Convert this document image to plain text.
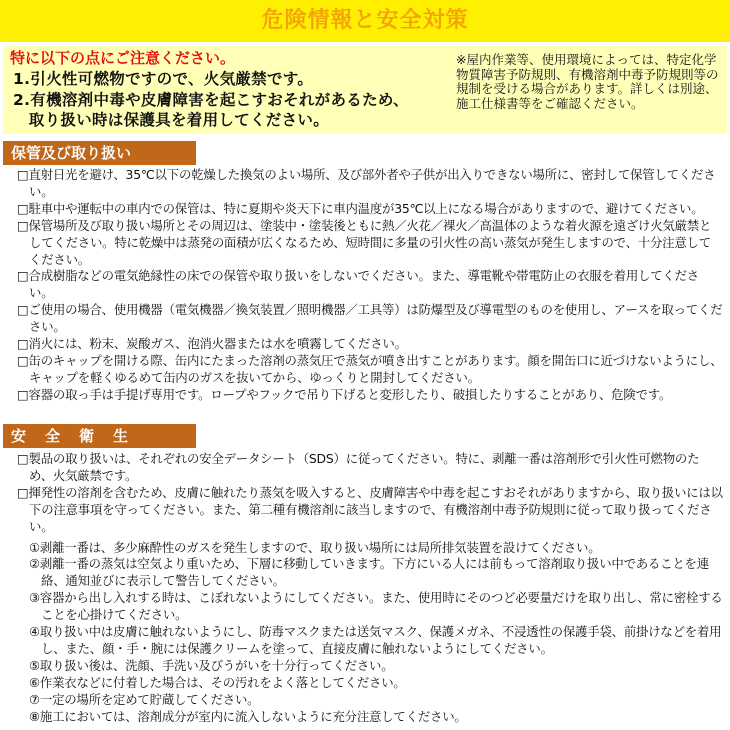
危険情報と安全対策
特に以下の点にご注意ください。
1.引火性可燃物ですので、火気厳禁です。
2.有機溶剤中毒や皮膚障害を起こすおそれがあるため、
　取り扱い時は保護具を着用してください。
※屋内作業等、使用環境によっては、特定化学物質障害予防規則、有機溶剤中毒予防規則等の規制を受ける場合があります。詳しくは別途、施工仕様書等をご確認ください。
保管及び取り扱い

□直射日光を避け、35℃以下の乾燥した換気のよい場所、及び部外者や子供が出入りできない場所に、密封して保管してください。

□駐車中や運転中の車内での保管は、特に夏期や炎天下に車内温度が35℃以上になる場合がありますので、避けてください。

□保管場所及び取り扱い場所とその周辺は、塗装中・塗装後ともに熱／火花／裸火／高温体のような着火源を遠ざけ火気厳禁としてください。特に乾燥中は蒸発の面積が広くなるため、短時間に多量の引火性の高い蒸気が発生しますので、十分注意してください。

□合成樹脂などの電気絶縁性の床での保管や取り扱いをしないでください。また、導電靴や帯電防止の衣服を着用してください。

□ご使用の場合、使用機器（電気機器／換気装置／照明機器／工具等）は防爆型及び導電型のものを使用し、アースを取ってください。

□消火には、粉末、炭酸ガス、泡消火器または水を噴霧してください。

□缶のキャップを開ける際、缶内にたまった溶剤の蒸気圧で蒸気が噴き出すことがあります。顔を開缶口に近づけないようにし、キャップを軽くゆるめて缶内のガスを抜いてから、ゆっくりと開封してください。

□容器の取っ手は手提げ専用です。ロープやフックで吊り下げると変形したり、破損したりすることがあり、危険です。

安　全　衛　生

□製品の取り扱いは、それぞれの安全データシート（SDS）に従ってください。特に、剥離一番は溶剤形で引火性可燃物のため、火気厳禁です。

□揮発性の溶剤を含むため、皮膚に触れたり蒸気を吸入すると、皮膚障害や中毒を起こすおそれがありますから、取り扱いには以下の注意事項を守ってください。また、第二種有機溶剤に該当しますので、有機溶剤中毒予防規則に従って取り扱ってください。

①剥離一番は、多少麻酔性のガスを発生しますので、取り扱い場所には局所排気装置を設けてください。

②剥離一番の蒸気は空気より重いため、下層に移動していきます。下方にいる人には前もって溶剤取り扱い中であることを連絡、通知並びに表示して警告してください。

③容器から出し入れする時は、こぼれないようにしてください。また、使用時にそのつど必要量だけを取り出し、常に密栓することを心掛けてください。

④取り扱い中は皮膚に触れないようにし、防毒マスクまたは送気マスク、保護メガネ、不浸透性の保護手袋、前掛けなどを着用し、また、顔・手・腕には保護クリームを塗って、直接皮膚に触れないようにしてください。

⑤取り扱い後は、洗顔、手洗い及びうがいを十分行ってください。

⑥作業衣などに付着した場合は、その汚れをよく落としてください。

⑦一定の場所を定めて貯蔵してください。

⑧施工においては、溶剤成分が室内に流入しないように充分注意してください。
